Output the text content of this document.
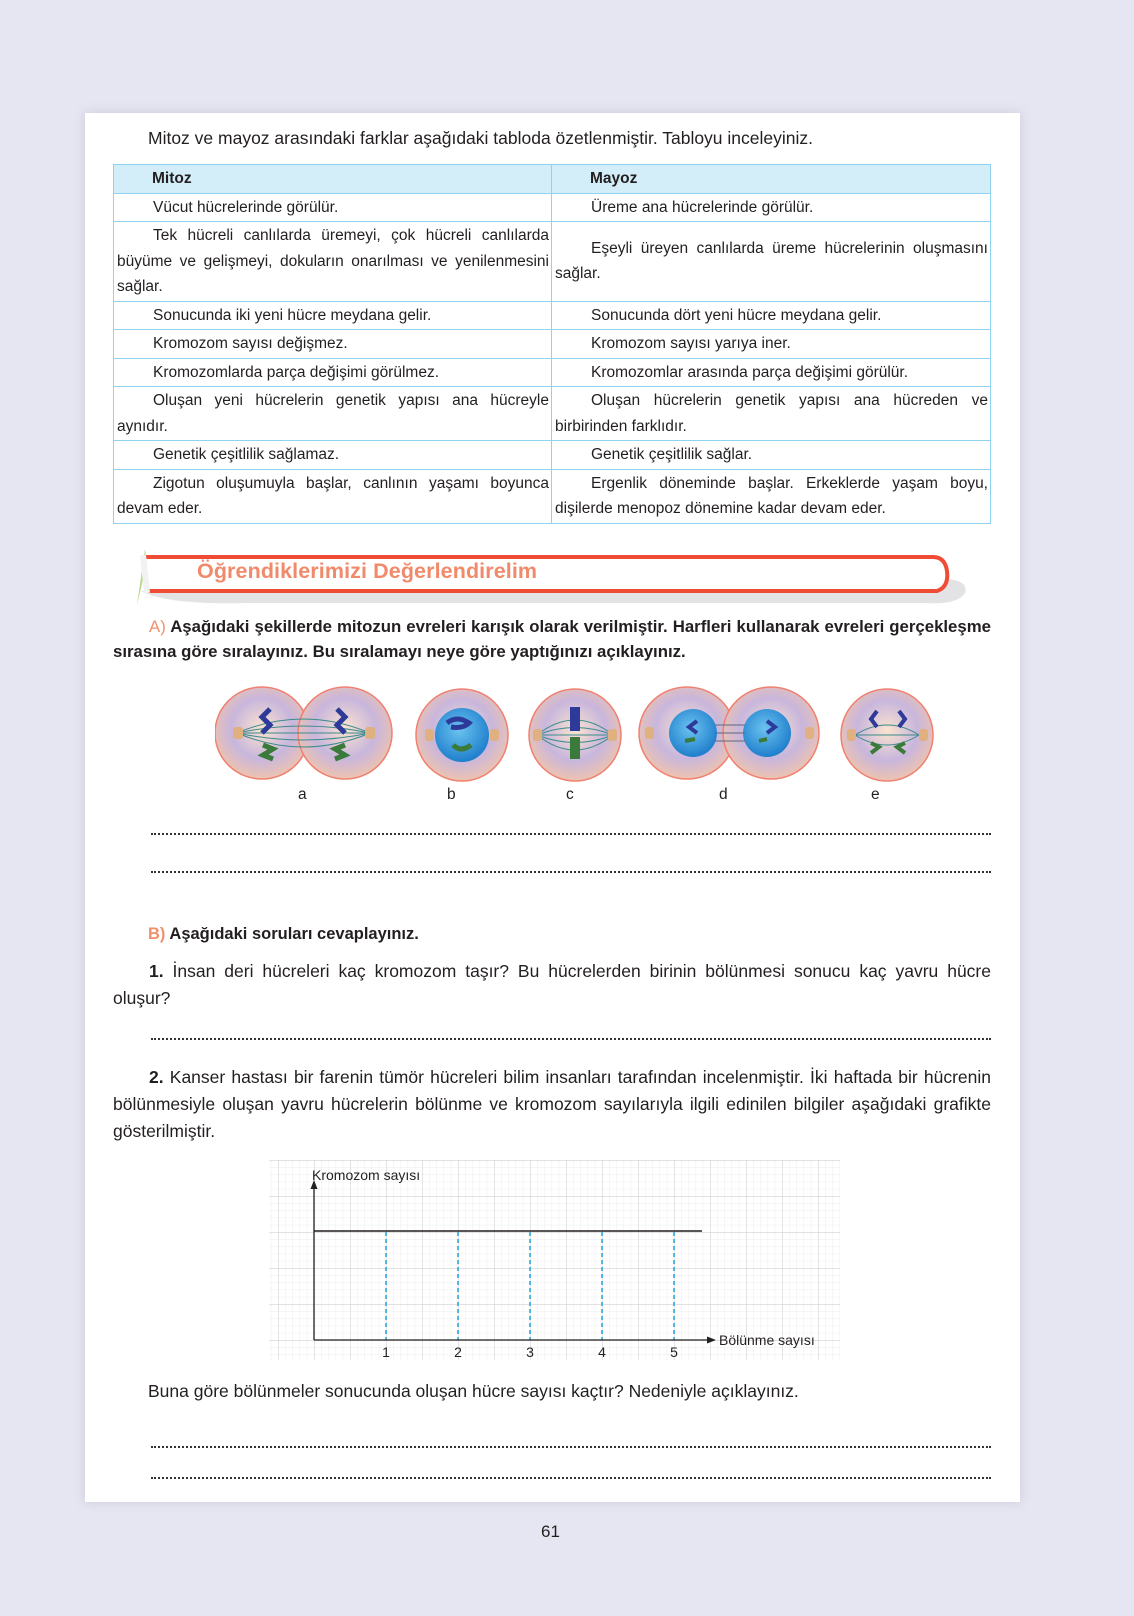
Mitoz ve mayoz arasındaki farklar aşağıdaki tabloda özetlenmiştir. Tabloyu inceleyiniz.
Mitoz	Mayoz
Vücut hücrelerinde görülür.	Üreme ana hücrelerinde görülür.
Tek hücreli canlılarda üremeyi, çok hücreli canlılarda büyüme ve gelişmeyi, dokuların onarılması ve yenilenmesini sağlar.	Eşeyli üreyen canlılarda üreme hücrelerinin oluşmasını sağlar.
Sonucunda iki yeni hücre meydana gelir.	Sonucunda dört yeni hücre meydana gelir.
Kromozom sayısı değişmez.	Kromozom sayısı yarıya iner.
Kromozomlarda parça değişimi görülmez.	Kromozomlar arasında parça değişimi görülür.
Oluşan yeni hücrelerin genetik yapısı ana hücreyle aynıdır.	Oluşan hücrelerin genetik yapısı ana hücreden ve birbirinden farklıdır.
Genetik çeşitlilik sağlamaz.	Genetik çeşitlilik sağlar.
Zigotun oluşumuyla başlar, canlının yaşamı boyunca devam eder.	Ergenlik döneminde başlar. Erkeklerde yaşam boyu, dişilerde menopoz dönemine kadar devam eder.
Öğrendiklerimizi Değerlendirelim
A) Aşağıdaki şekillerde mitozun evreleri karışık olarak verilmiştir. Harfleri kullanarak evreleri gerçekleşme sırasına göre sıralayınız. Bu sıralamayı neye göre yaptığınızı açıklayınız.
a	b	c	d	e
B) Aşağıdaki soruları cevaplayınız.
1. İnsan deri hücreleri kaç kromozom taşır? Bu hücrelerden birinin bölünmesi sonucu kaç yavru hücre oluşur?
2. Kanser hastası bir farenin tümör hücreleri bilim insanları tarafından incelenmiştir. İki haftada bir hücrenin bölünmesiyle oluşan yavru hücrelerin bölünme ve kromozom sayılarıyla ilgili edinilen bilgiler aşağıdaki grafikte gösterilmiştir.
Kromozom sayısı
Bölünme sayısı
1	2	3	4	5
Buna göre bölünmeler sonucunda oluşan hücre sayısı kaçtır? Nedeniyle açıklayınız.
61
